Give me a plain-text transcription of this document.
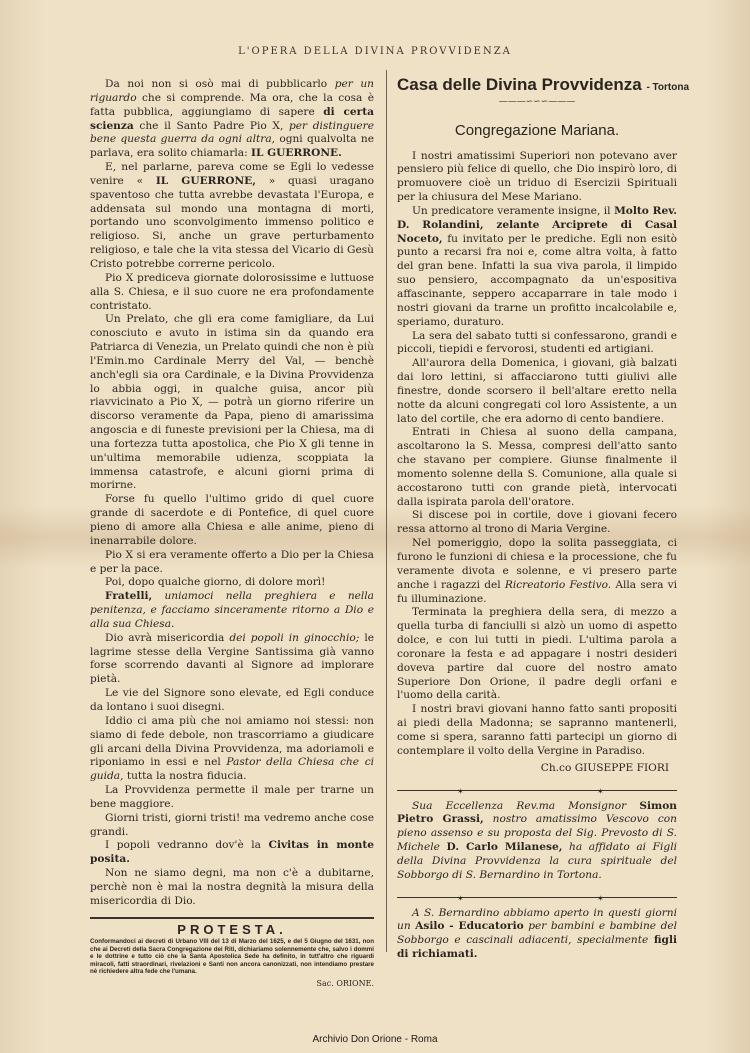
L'OPERA DELLA DIVINA PROVVIDENZA

Da noi non si osò mai di pubblicarlo per un riguardo che si comprende. Ma ora, che la cosa è fatta pubblica, aggiungiamo di sapere di certa scienza che il Santo Padre Pio X, per distinguere bene questa guerra da ogni altra, ogni qualvolta ne parlava, era solito chiamarla: IL GUERRONE.

E, nel parlarne, pareva come se Egli lo vedesse venire « IL GUERRONE, » quasi uragano spaventoso che tutta avrebbe devastata l'Europa, e addensata sul mondo una montagna di morti, portando uno sconvolgimento immenso politico e religioso. Si, anche un grave perturbamento religioso, e tale che la vita stessa del Vicario di Gesù Cristo potrebbe correrne pericolo.

Pio X prediceva giornate dolorosissime e luttuose alla S. Chiesa, e il suo cuore ne era profondamente contristato.

Un Prelato, che gli era come famigliare, da Lui conosciuto e avuto in istima sin da quando era Patriarca di Venezia, un Prelato quindi che non è più l'Emin.mo Cardinale Merry del Val, — benchè anch'egli sia ora Cardinale, e la Divina Provvidenza lo abbia oggi, in qualche guisa, ancor più riavvicinato a Pio X, — potrà un giorno riferire un discorso veramente da Papa, pieno di amarissima angoscia e di funeste previsioni per la Chiesa, ma di una fortezza tutta apostolica, che Pio X gli tenne in un'ultima memorabile udienza, scoppiata la immensa catastrofe, e alcuni giorni prima di morirne.

Forse fu quello l'ultimo grido di quel cuore grande di sacerdote e di Pontefice, di quel cuore pieno di amore alla Chiesa e alle anime, pieno di inenarrabile dolore.

Pio X si era veramente offerto a Dio per la Chiesa e per la pace.

Poi, dopo qualche giorno, di dolore morì!

Fratelli, uniamoci nella preghiera e nella penitenza, e facciamo sinceramente ritorno a Dio e alla sua Chiesa.

Dio avrà misericordia dei popoli in ginocchio; le lagrime stesse della Vergine Santissima già vanno forse scorrendo davanti al Signore ad implorare pietà.

Le vie del Signore sono elevate, ed Egli conduce da lontano i suoi disegni.

Iddio ci ama più che noi amiamo noi stessi: non siamo di fede debole, non trascorriamo a giudicare gli arcani della Divina Provvidenza, ma adoriamoli e riponiamo in essi e nel Pastor della Chiesa che ci guida, tutta la nostra fiducia.

La Provvidenza permette il male per trarne un bene maggiore.

Giorni tristi, giorni tristi! ma vedremo anche cose grandi.

I popoli vedranno dov'è la Civitas in monte posita.

Non ne siamo degni, ma non c'è a dubitarne, perchè non è mai la nostra degnità la misura della misericordia di Dio.

PROTESTA.
Conformandoci ai decreti di Urbano VIII del 13 di Marzo del 1625, e del 5 Giugno del 1631, non che ai Decreti della Sacra Congregazione dei Riti, dichiariamo solennemente che, salvo i dommi e le dottrine e tutto ciò che la Santa Apostolica Sede ha definito, in tutt'altro che riguardi miracoli, fatti straordinari, rivelazioni e Santi non ancora canonizzati, non intendiamo prestare nè richiedere altra fede che l'umana.
Sac. ORIONE.
Casa delle Divina Provvidenza - Tortona
———∽∽∽———
Congregazione Mariana.

I nostri amatissimi Superiori non potevano aver pensiero più felice di quello, che Dio inspirò loro, di promuovere cioè un triduo di Esercizii Spirituali per la chiusura del Mese Mariano.

Un predicatore veramente insigne, il Molto Rev. D. Rolandini, zelante Arciprete di Casal Noceto, fu invitato per le prediche. Egli non esitò punto a recarsi fra noi e, come altra volta, à fatto del gran bene. Infatti la sua viva parola, il limpido suo pensiero, accompagnato da un'espositiva affascinante, seppero accaparrare in tale modo i nostri giovani da trarne un profitto incalcolabile e, speriamo, duraturo.

La sera del sabato tutti si confessarono, grandi e piccoli, tiepidi e fervorosi, studenti ed artigiani.

All'aurora della Domenica, i giovani, già balzati dai loro lettini, si affacciarono tutti giulivi alle finestre, donde scorsero il bell'altare eretto nella notte da alcuni congregati col loro Assistente, a un lato del cortile, che era adorno di cento bandiere.

Entrati in Chiesa al suono della campana, ascoltarono la S. Messa, compresi dell'atto santo che stavano per compiere. Giunse finalmente il momento solenne della S. Comunione, alla quale si accostarono tutti con grande pietà, intervocati dalla ispirata parola dell'oratore.

Si discese poi in cortile, dove i giovani fecero ressa attorno al trono di Maria Vergine.

Nel pomeriggio, dopo la solita passeggiata, ci furono le funzioni di chiesa e la processione, che fu veramente divota e solenne, e vi presero parte anche i ragazzi del Ricreatorio Festivo. Alla sera vi fu illuminazione.

Terminata la preghiera della sera, di mezzo a quella turba di fanciulli si alzò un uomo di aspetto dolce, e con lui tutti in piedi. L'ultima parola a coronare la festa e ad appagare i nostri desideri doveva partire dal cuore del nostro amato Superiore Don Orione, il padre degli orfani e l'uomo della carità.

I nostri bravi giovani hanno fatto santi propositi ai piedi della Madonna; se sapranno mantenerli, come si spera, saranno fatti partecipi un giorno di contemplare il volto della Vergine in Paradiso.

Ch.co GIUSEPPE FIORI
✶	✶

Sua Eccellenza Rev.ma Monsignor Simon Pietro Grassi, nostro amatissimo Vescovo con pieno assenso e su proposta del Sig. Prevosto di S. Michele D. Carlo Milanese, ha affidato ai Figli della Divina Provvidenza la cura spirituale del Sobborgo di S. Bernardino in Tortona.

✶	✶

A S. Bernardino abbiamo aperto in questi giorni un Asilo - Educatorio per bambini e bambine del Sobborgo e cascinali adiacenti, specialmente figli di richiamati.

Archivio Don Orione - Roma
